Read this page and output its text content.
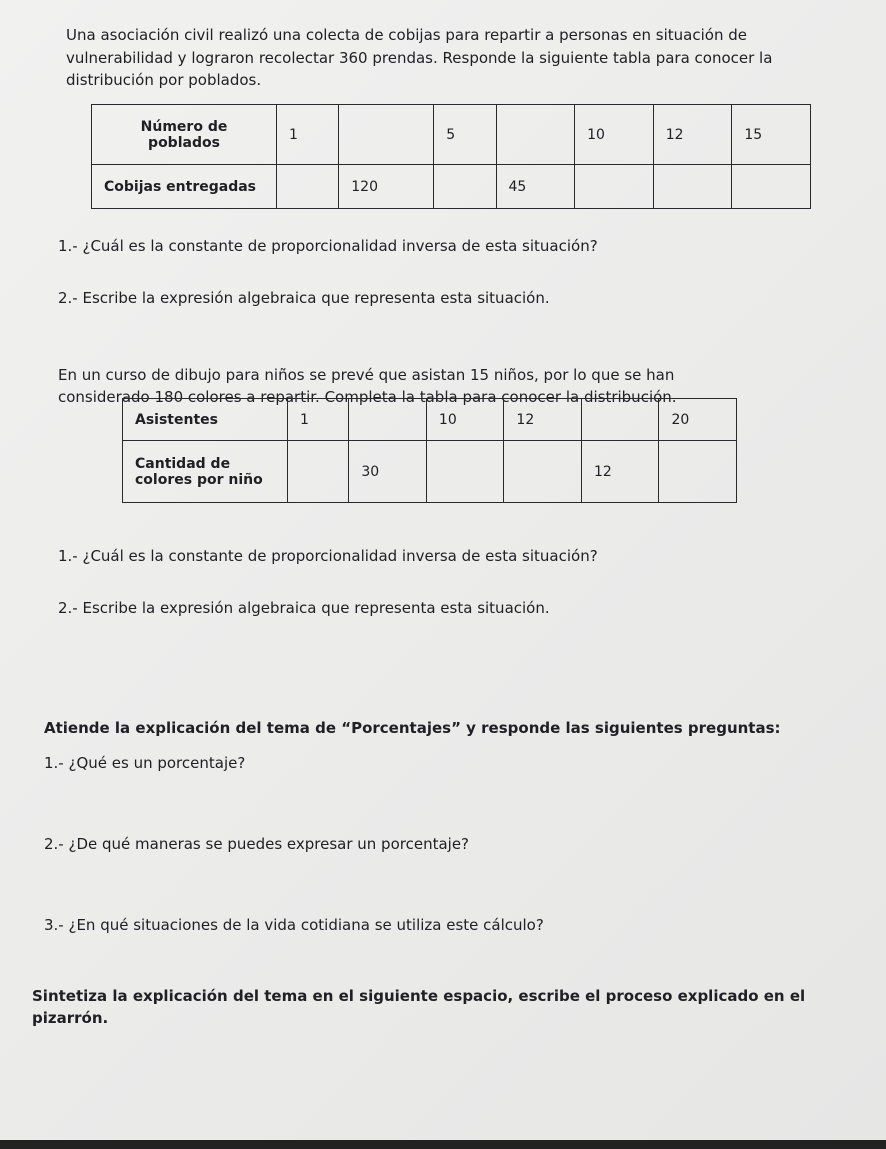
Una asociación civil realizó una colecta de cobijas para repartir a personas en situación de vulnerabilidad y lograron recolectar 360 prendas. Responde la siguiente tabla para conocer la distribución por poblados.

Número de poblados	1		5		10	12	15
Cobijas entregadas		120		45			

1.- ¿Cuál es la constante de proporcionalidad inversa de esta situación?

2.- Escribe la expresión algebraica que representa esta situación.

En un curso de dibujo para niños se prevé que asistan 15 niños, por lo que se han considerado 180 colores a repartir. Completa la tabla para conocer la distribución.

Asistentes	1		10	12		20
Cantidad de colores por niño		30			12	

1.- ¿Cuál es la constante de proporcionalidad inversa de esta situación?

2.- Escribe la expresión algebraica que representa esta situación.

Atiende la explicación del tema de “Porcentajes” y responde las siguientes preguntas:

1.- ¿Qué es un porcentaje?

2.- ¿De qué maneras se puedes expresar un porcentaje?

3.- ¿En qué situaciones de la vida cotidiana se utiliza este cálculo?

Sintetiza la explicación del tema en el siguiente espacio, escribe el proceso explicado en el pizarrón.
